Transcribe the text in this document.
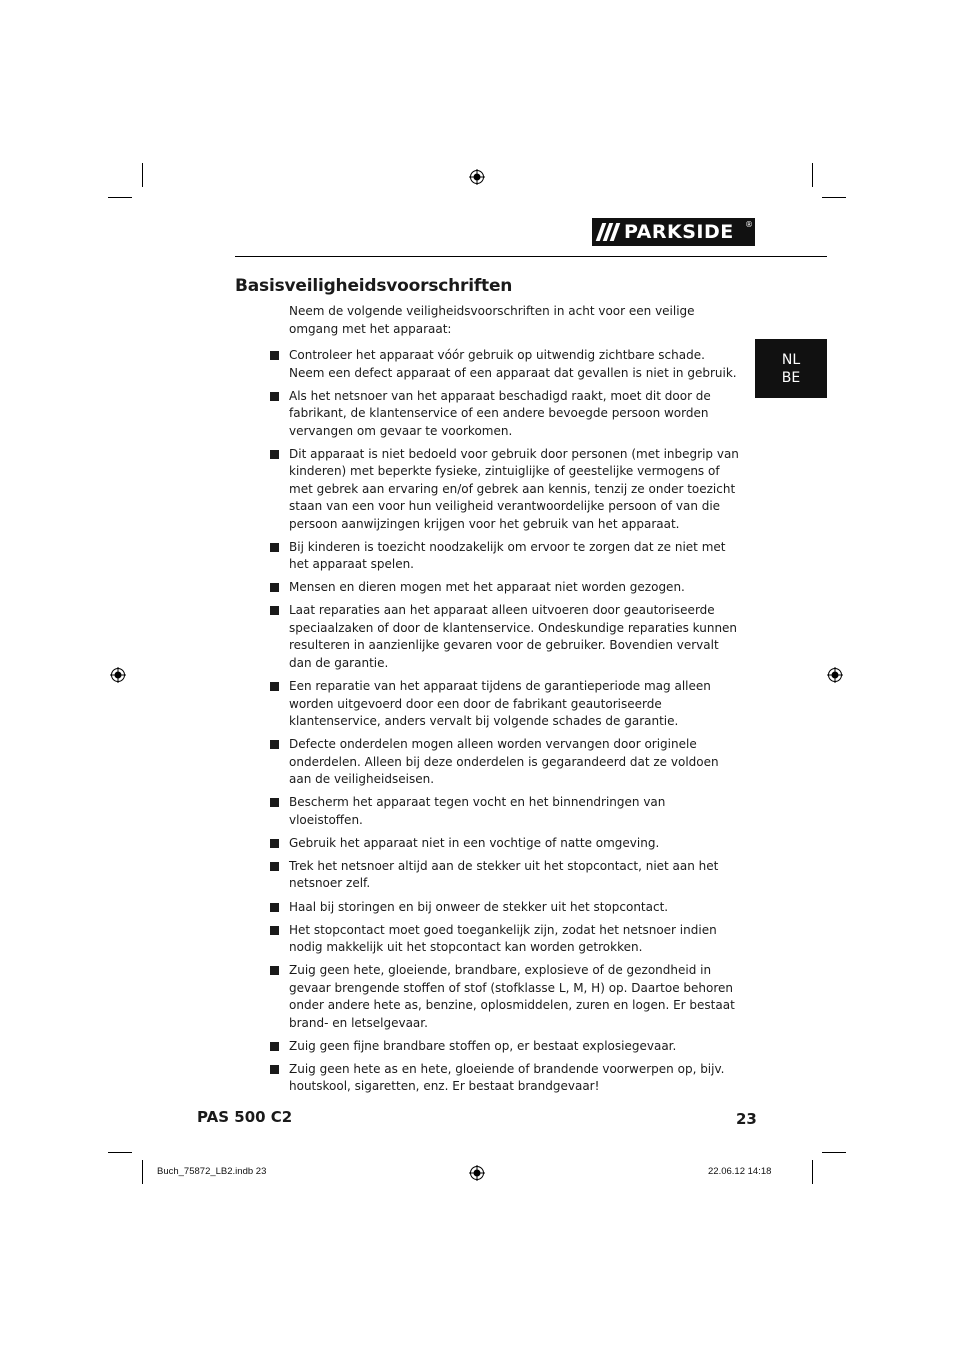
PARKSIDE ®
NL
BE
Basisveiligheidsvoorschriften

Neem de volgende veiligheidsvoorschriften in acht voor een veilige omgang met het apparaat:

Controleer het apparaat vóór gebruik op uitwendig zichtbare schade. Neem een defect apparaat of een apparaat dat gevallen is niet in gebruik.
Als het netsnoer van het apparaat beschadigd raakt, moet dit door de fabrikant, de klantenservice of een andere bevoegde persoon worden vervangen om gevaar te voorkomen.
Dit apparaat is niet bedoeld voor gebruik door personen (met inbegrip van kinderen) met beperkte fysieke, zintuiglijke of geestelijke vermogens of met gebrek aan ervaring en/of gebrek aan kennis, tenzij ze onder toezicht staan van een voor hun veiligheid verantwoordelijke persoon of van die persoon aanwijzingen krijgen voor het gebruik van het apparaat.
Bij kinderen is toezicht noodzakelijk om ervoor te zorgen dat ze niet met het apparaat spelen.
Mensen en dieren mogen met het apparaat niet worden gezogen.
Laat reparaties aan het apparaat alleen uitvoeren door geautoriseerde speciaalzaken of door de klantenservice. Ondeskundige reparaties kunnen resulteren in aanzienlijke gevaren voor de gebruiker. Bovendien vervalt dan de garantie.
Een reparatie van het apparaat tijdens de garantieperiode mag alleen worden uitgevoerd door een door de fabrikant geautoriseerde klantenservice, anders vervalt bij volgende schades de garantie.
Defecte onderdelen mogen alleen worden vervangen door originele onderdelen. Alleen bij deze onderdelen is gegarandeerd dat ze voldoen aan de veiligheidseisen.
Bescherm het apparaat tegen vocht en het binnendringen van vloeistoffen.
Gebruik het apparaat niet in een vochtige of natte omgeving.
Trek het netsnoer altijd aan de stekker uit het stopcontact, niet aan het netsnoer zelf.
Haal bij storingen en bij onweer de stekker uit het stopcontact.
Het stopcontact moet goed toegankelijk zijn, zodat het netsnoer indien nodig makkelijk uit het stopcontact kan worden getrokken.
Zuig geen hete, gloeiende, brandbare, explosieve of de gezondheid in gevaar brengende stoffen of stof (stofklasse L, M, H) op. Daartoe behoren onder andere hete as, benzine, oplosmiddelen, zuren en logen. Er bestaat brand- en letselgevaar.
Zuig geen fijne brandbare stoffen op, er bestaat explosiegevaar.
Zuig geen hete as en hete, gloeiende of brandende voorwerpen op, bijv. houtskool, sigaretten, enz. Er bestaat brandgevaar!

PAS 500 C2	23

Buch_75872_LB2.indb 23	22.06.12 14:18
